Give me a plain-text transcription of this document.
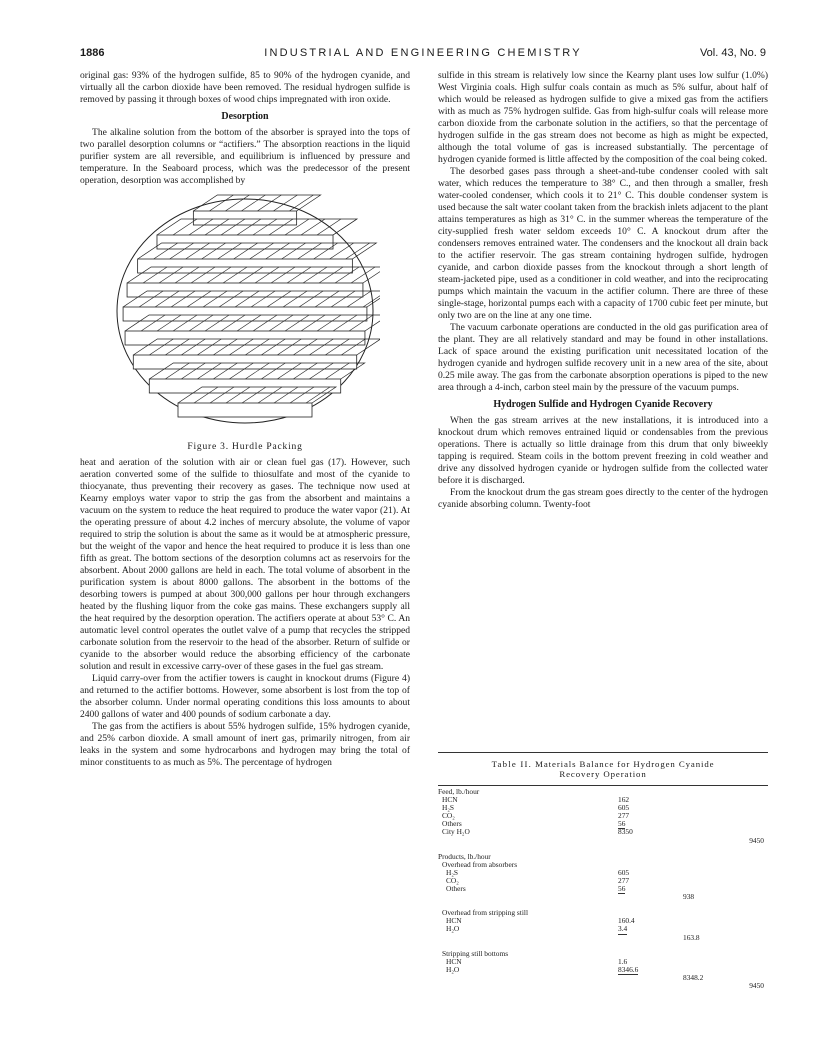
1886	INDUSTRIAL AND ENGINEERING CHEMISTRY	Vol. 43, No. 9

original gas: 93% of the hydrogen sulfide, 85 to 90% of the hydrogen cyanide, and virtually all the carbon dioxide have been removed. The residual hydrogen sulfide is removed by passing it through boxes of wood chips impregnated with iron oxide.

Desorption

The alkaline solution from the bottom of the absorber is sprayed into the tops of two parallel desorption columns or “actifiers.” The absorption reactions in the liquid purifier system are all reversible, and equilibrium is influenced by pressure and temperature. In the Seaboard process, which was the predecessor of the present operation, desorption was accomplished by

Figure 3. Hurdle Packing

heat and aeration of the solution with air or clean fuel gas (17). However, such aeration converted some of the sulfide to thiosulfate and most of the cyanide to thiocyanate, thus preventing their recovery as gases. The technique now used at Kearny employs water vapor to strip the gas from the absorbent and maintains a vacuum on the system to reduce the heat required to produce the water vapor (21). At the operating pressure of about 4.2 inches of mercury absolute, the volume of vapor required to strip the solution is about the same as it would be at atmospheric pressure, but the weight of the vapor and hence the heat required to produce it is less than one fifth as great. The bottom sections of the desorption columns act as reservoirs for the absorbent. About 2000 gallons are held in each. The total volume of absorbent in the purification system is about 8000 gallons. The absorbent in the bottoms of the desorbing towers is pumped at about 300,000 gallons per hour through exchangers heated by the flushing liquor from the coke gas mains. These exchangers supply all the heat required by the desorption operation. The actifiers operate at about 53° C. An automatic level control operates the outlet valve of a pump that recycles the stripped carbonate solution from the reservoir to the head of the absorber. Return of sulfide or cyanide to the absorber would reduce the absorbing efficiency of the carbonate solution and result in excessive carry-over of these gases in the fuel gas stream.

Liquid carry-over from the actifier towers is caught in knockout drums (Figure 4) and returned to the actifier bottoms. However, some absorbent is lost from the top of the absorber column. Under normal operating conditions this loss amounts to about 2400 gallons of water and 400 pounds of sodium carbonate a day.

The gas from the actifiers is about 55% hydrogen sulfide, 15% hydrogen cyanide, and 25% carbon dioxide. A small amount of inert gas, primarily nitrogen, from air leaks in the system and some hydrocarbons and hydrogen may bring the total of minor constituents to as much as 5%. The percentage of hydrogen

sulfide in this stream is relatively low since the Kearny plant uses low sulfur (1.0%) West Virginia coals. High sulfur coals contain as much as 5% sulfur, about half of which would be released as hydrogen sulfide to give a mixed gas from the actifiers with as much as 75% hydrogen sulfide. Gas from high-sulfur coals will release more carbon dioxide from the carbonate solution in the actifiers, so that the percentage of hydrogen sulfide in the gas stream does not become as high as might be expected, although the total volume of gas is increased substantially. The percentage of hydrogen cyanide formed is little affected by the composition of the coal being coked.

The desorbed gases pass through a sheet-and-tube condenser cooled with salt water, which reduces the temperature to 38° C., and then through a smaller, fresh water-cooled condenser, which cools it to 21° C. This double condenser system is used because the salt water coolant taken from the brackish inlets adjacent to the plant attains temperatures as high as 31° C. in the summer whereas the temperature of the city-supplied fresh water seldom exceeds 10° C. A knockout drum after the condensers removes entrained water. The condensers and the knockout all drain back to the actifier reservoir. The gas stream containing hydrogen sulfide, hydrogen cyanide, and carbon dioxide passes from the knockout through a short length of steam-jacketed pipe, used as a conditioner in cold weather, and into the reciprocating pumps which maintain the vacuum in the actifier column. There are three of these single-stage, horizontal pumps each with a capacity of 1700 cubic feet per minute, but only two are on the line at any one time.

The vacuum carbonate operations are conducted in the old gas purification area of the plant. They are all relatively standard and may be found in other installations. Lack of space around the existing purification unit necessitated location of the hydrogen cyanide and hydrogen sulfide recovery unit in a new area of the site, about 0.25 mile away. The gas from the carbonate absorption operations is piped to the new area through a 4-inch, carbon steel main by the pressure of the vacuum pumps.

Hydrogen Sulfide and Hydrogen Cyanide Recovery

When the gas stream arrives at the new installations, it is introduced into a knockout drum which removes entrained liquid or condensables from the previous operations. There is actually so little drainage from this drum that only biweekly tapping is required. Steam coils in the bottom prevent freezing in cold weather and drive any dissolved hydrogen cyanide or hydrogen sulfide from the collected water before it is discharged.

From the knockout drum the gas stream goes directly to the center of the hydrogen cyanide absorbing column. Twenty-foot

Table II. Materials Balance for Hydrogen Cyanide
Recovery Operation
Feed, lb./hour
HCN	162
H₂S	605
CO₂	277
Others	56
City H₂O	8350
9450
Products, lb./hour
Overhead from absorbers
H₂S	605
CO₂	277
Others	56
938
Overhead from stripping still
HCN	160.4
H₂O	3.4
163.8
Stripping still bottoms
HCN	1.6
H₂O	8346.6
8348.2
9450
